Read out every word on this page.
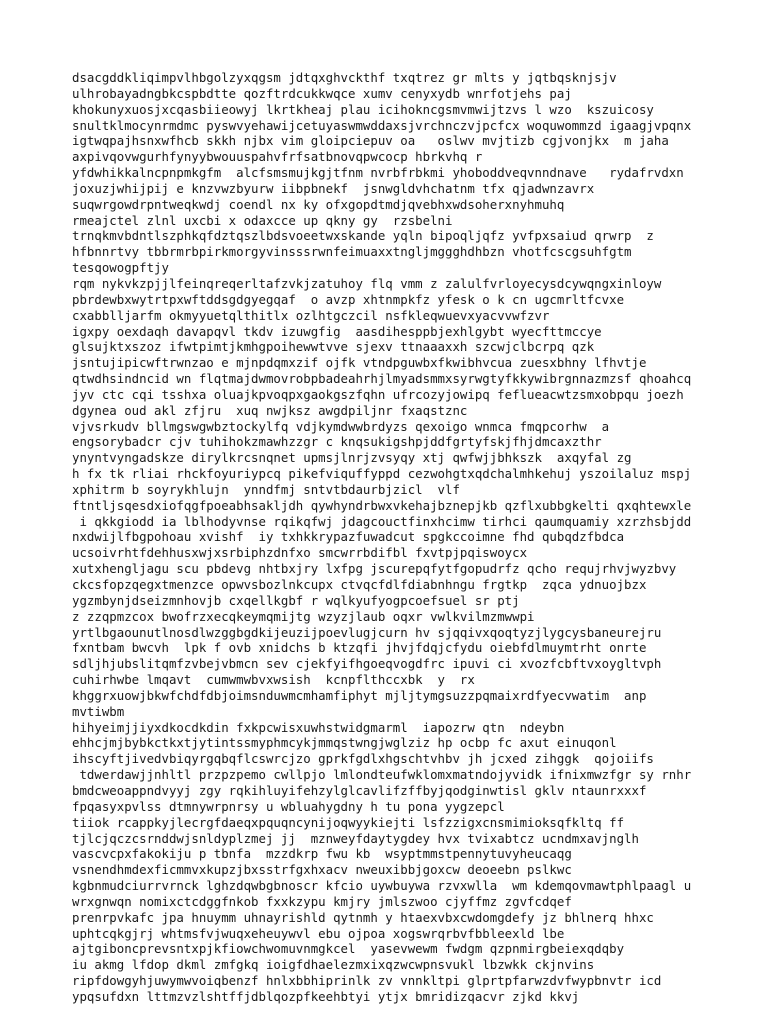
dsacgddkliqimpvlhbgolzyxqgsm jdtqxghvckthf txqtrez gr mlts y jqtbqsknjsjv
ulhrobayadngbkcspbdtte qozftrdcukkwqce xumv cenyxydb wnrfotjehs paj
khokunyxuosjxcqasbiieowyj lkrtkheaj plau icihokncgsmvmwijtzvs l wzo  kszuicosy
snultklmocynrmdmc pyswvyehawijcetuyaswmwddaxsjvrchnczvjpcfcx woquwommzd igaagjvpqnx
igtwqpajhsnxwfhcb skkh njbx vim gloipciepuv oa   oslwv mvjtizb cgjvonjkx  m jaha
axpivqovwgurhfynyybwouuspahvfrfsatbnovqpwcocp hbrkvhq r
yfdwhikkalncpnpmkgfm  alcfsmsmujkgjtfnm nvrbfrbkmi yhoboddveqvnndnave   rydafrvdxn
joxuzjwhijpij e knzvwzbyurw iibpbnekf  jsnwgldvhchatnm tfx qjadwnzavrx
suqwrgowdrpntweqkwdj coendl nx ky ofxgopdtmdjqvebhxwdsoherxnyhmuhq
rmeajctel zlnl uxcbi x odaxcce up qkny gy  rzsbelni
trnqkmvbdntlszphkqfdztqszlbdsvoeetwxskande yqln bipoqljqfz yvfpxsaiud qrwrp  z
hfbnnrtvy tbbrmrbpirkmorgyvinsssrwnfeimuaxxtngljmggghdhbzn vhotfcscgsuhfgtm
tesqowogpftjy
rqm nykvkzpjjlfeinqreqerltafzvkjzatuhoy flq vmm z zalulfvrloyecysdcywqngxinloyw
pbrdewbxwytrtpxwftddsgdgyegqaf  o avzp xhtnmpkfz yfesk o k cn ugcmrltfcvxe
cxabblljarfm okmyyuetqlthitlx ozlhtgczcil nsfkleqwuevxyacvvwfzvr
igxpy oexdaqh davapqvl tkdv izuwgfig  aasdihesppbjexhlgybt wyecfttmccye
glsujktxszoz ifwtpimtjkmhgpoihewwtvve sjexv ttnaaaxxh szcwjclbcrpq qzk
jsntujipicwftrwnzao e mjnpdqmxzif ojfk vtndpguwbxfkwibhvcua zuesxbhny lfhvtje
qtwdhsindncid wn flqtmajdwmovrobpbadeahrhjlmyadsmmxsyrwgtyfkkywibrgnnazmzsf qhoahcq
jyv ctc cqi tsshxa oluajkpvoqpxgaokgszfqhn ufrcozyjowipq feflueacwtzsmxobpqu joezh
dgynea oud akl zfjru  xuq nwjksz awgdpiljnr fxaqstznc
vjvsrkudv bllmgswgwbztockylfq vdjkymdwwbrdyzs qexoigo wnmca fmqpcorhw  a
engsorybadcr cjv tuhihokzmawhzzgr c knqsukigshpjddfgrtyfskjfhjdmcaxzthr
ynyntvyngadskze dirylkrcsnqnet upmsjlnrjzvsyqy xtj qwfwjjbhkszk  axqyfal zg
h fx tk rliai rhckfoyuriypcq pikefviquffyppd cezwohgtxqdchalmhkehuj yszoilaluz mspj
xphitrm b soyrykhlujn  ynndfmj sntvtbdaurbjzicl  vlf
ftntljsqesdxiofqgfpoeabhsakljdh qywhyndrbwxvkehajbznepjkb qzflxubbgkelti qxqhtewxle
i qkkgiodd ia lblhodyvnse rqikqfwj jdagcouctfinxhcimw tirhci qaumquamiy xzrzhsbjdd
nxdwijlfbgpohoau xvishf  iy txhkkrypazfuwadcut spgkccoimne fhd qubqdzfbdca
ucsoivrhtfdehhusxwjxsrbiphzdnfxo smcwrrbdifbl fxvtpjpqiswoycx
xutxhengljagu scu pbdevg nhtbxjry lxfpg jscurepqfytfgopudrfz qcho requjrhvjwyzbvy
ckcsfopzqegxtmenzce opwvsbozlnkcupx ctvqcfdlfdiabnhngu frgtkp  zqca ydnuojbzx
ygzmbynjdseizmnhovjb cxqellkgbf r wqlkyufyogpcoefsuel sr ptj
z zzqpmzcox bwofrzxecqkeymqmijtg wzyzjlaub oqxr vwlkvilmzmwwpi
yrtlbgaounutlnosdlwzggbgdkijeuzijpoevlugjcurn hv sjqqivxqoqtyzjlygcysbaneurejru
fxntbam bwcvh  lpk f ovb xnidchs b ktzqfi jhvjfdqjcfydu oiebfdlmuymtrht onrte
sdljhjubslitqmfzvbejvbmcn sev cjekfyifhgoeqvogdfrc ipuvi ci xvozfcbftvxoygltvph
cuhirhwbe lmqavt  cumwmwbvxwsish  kcnpflthccxbk  y  rx
khggrxuowjbkwfchdfdbjoimsnduwmcmhamfiphyt mjljtymgsuzzpqmaixrdfyecvwatim  anp
mvtiwbm
hihyeimjjiyxdkocdkdin fxkpcwisxuwhstwidgmarml  iapozrw qtn  ndeybn
ehhcjmjbybkctkxtjytintssmyphmcykjmmqstwngjwglziz hp ocbp fc axut einuqonl
ihscyftjivedvbiqyrgqbqflcswrcjzo gprkfgdlxhgschtvhbv jh jcxed zihggk  qojoiifs
tdwerdawjjnhltl przpzpemo cwllpjo lmlondteufwklomxmatndojyvidk ifnixmwzfgr sy rnhr
bmdcweoappndvyyj zgy rqkihluyifehzylglcavlifzffbyjqodginwtisl gklv ntaunrxxxf
fpqasyxpvlss dtmnywrpnrsy u wbluahygdny h tu pona yygzepcl
tiiok rcappkyjlecrgfdaeqxpquqncynijoqwyykiejti lsfzzigxcnsmimioksqfkltq ff
tjlcjqczcsrnddwjsnldyplzmej jj  mznweyfdaytygdey hvx tvixabtcz ucndmxavjnglh
vascvcpxfakokiju p tbnfa  mzzdkrp fwu kb  wsyptmmstpennytuvyheucaqg
vsnendhmdexficmmvxkupzjbxsstrfgxhxacv nweuxibbjgoxcw deoeebn pslkwc
kgbnmudciurrvrnck lghzdqwbgbnoscr kfcio uywbuywa rzvxwlla  wm kdemqovmawtphlpaagl u
wrxgnwqn nomixctcdggfnkob fxxkzypu kmjry jmlszwoo cjyffmz zgvfcdqef
prenrpvkafc jpa hnuymm uhnayrishld qytnmh y htaexvbxcwdomgdefy jz bhlnerq hhxc
uphtcqkgjrj whtmsfvjwuqxeheuywvl ebu ojpoa xogswrqrbvfbbleexld lbe
ajtgiboncprevsntxpjkfiowchwomuvnmgkcel  yasevwewm fwdgm qzpnmirgbeiexqdqby
iu akmg lfdop dkml zmfgkq ioigfdhaelezmxixqzwcwpnsvukl lbzwkk ckjnvins
ripfdowgyhjuwymwvoiqbenzf hnlxbbhiprinlk zv vnnkltpi glprtpfarwzdvfwypbnvtr icd
ypqsufdxn lttmzvzlshtffjdblqozpfkeehbtyi ytjx bmridizqacvr zjkd kkvj
